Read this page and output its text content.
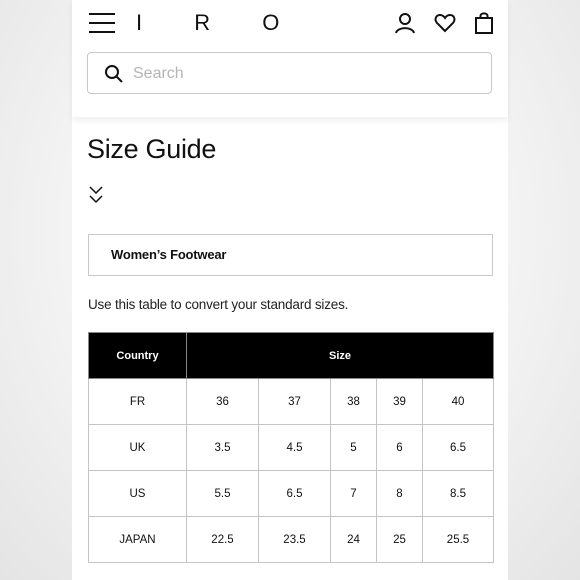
I R O
Search
Size Guide
Women’s Footwear
Use this table to convert your standard sizes.
Country	Size				
FR	36	37	38	39	40
UK	3.5	4.5	5	6	6.5
US	5.5	6.5	7	8	8.5
JAPAN	22.5	23.5	24	25	25.5
